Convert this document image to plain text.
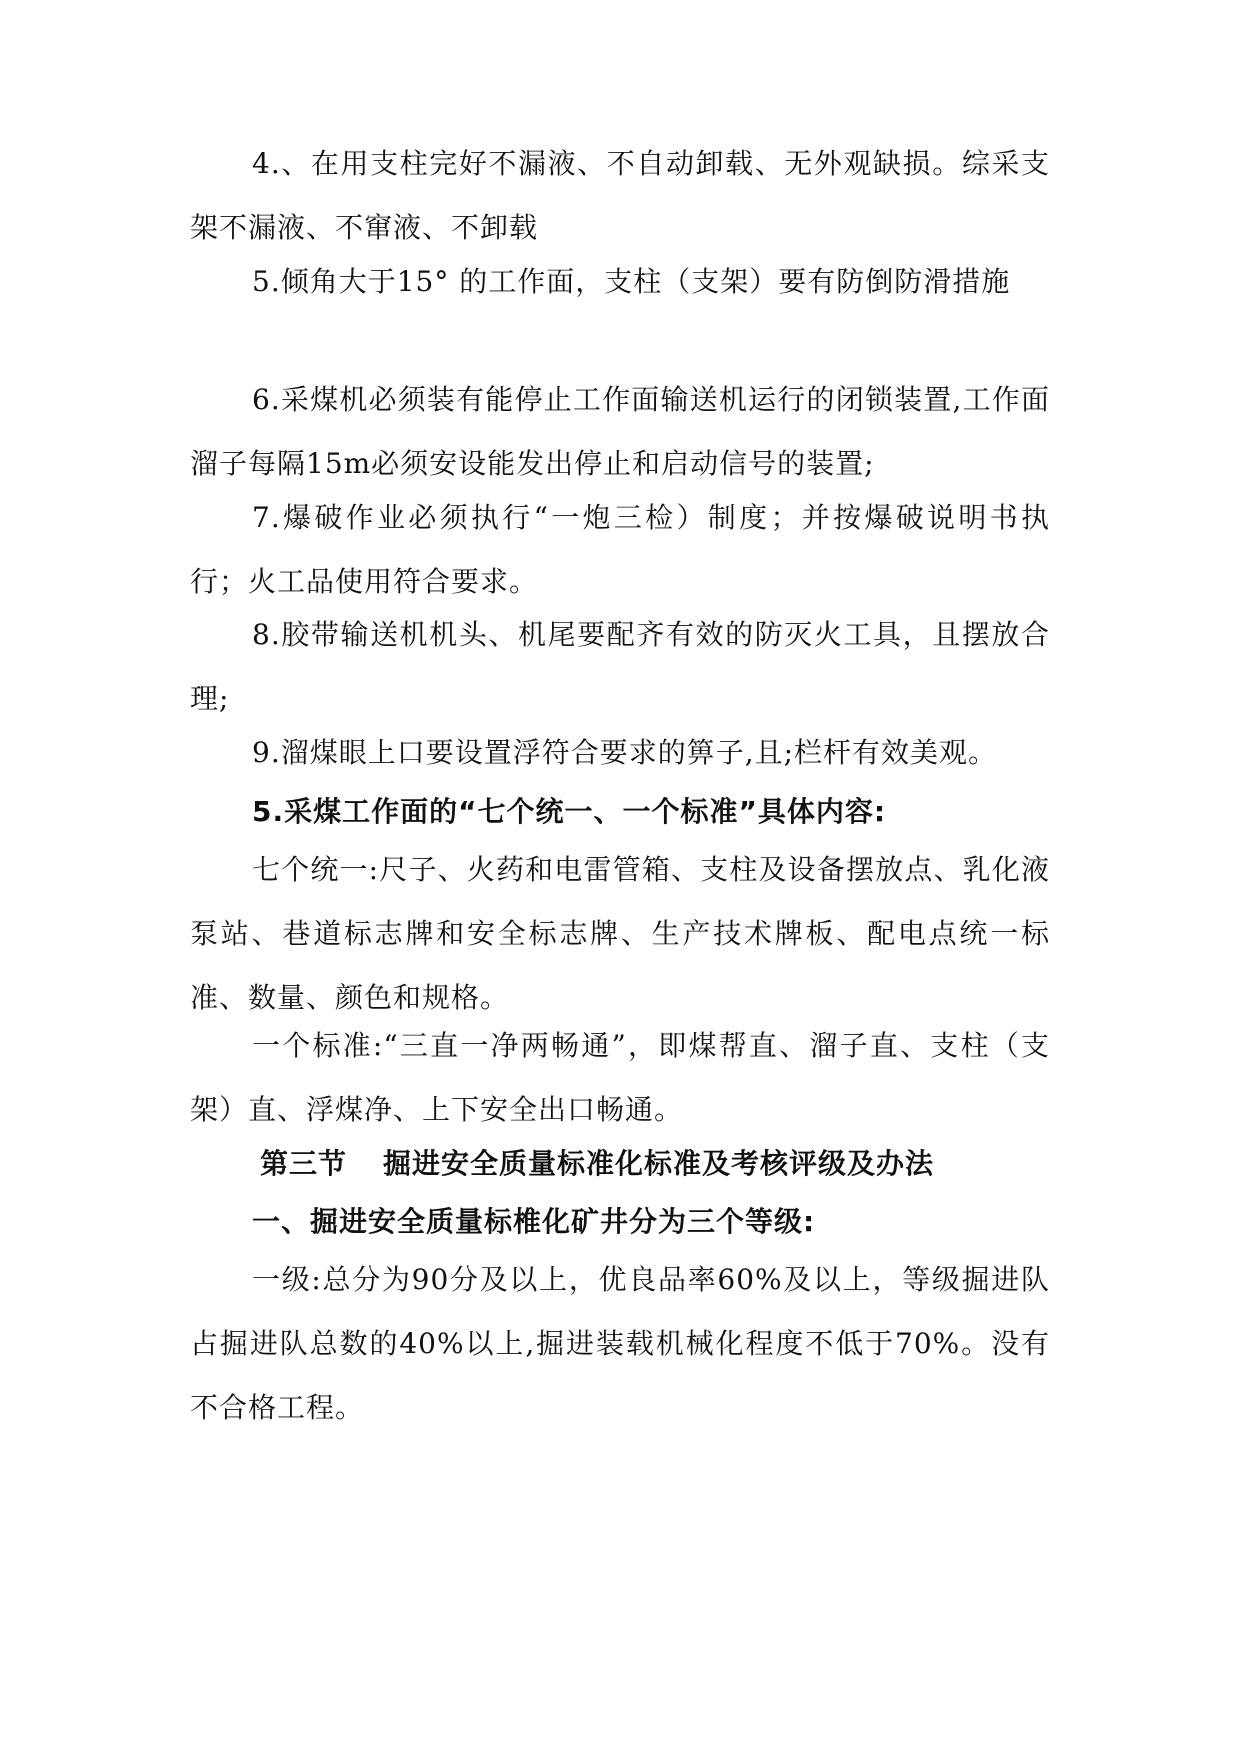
4.、在用支柱完好不漏液、不自动卸载、无外观缺损。综采支架不漏液、不窜液、不卸载

5.倾角大于15° 的工作面，支柱（支架）要有防倒防滑措施

6.采煤机必须装有能停止工作面输送机运行的闭锁装置,工作面溜子每隔15m必须安设能发出停止和启动信号的装置;

7.爆破作业必须执行“一炮三检）制度；并按爆破说明书执行；火工品使用符合要求。

8.胶带输送机机头、机尾要配齐有效的防灭火工具，且摆放合理;

9.溜煤眼上口要设置浮符合要求的箅子,且;栏杆有效美观。

5.采煤工作面的“七个统一、一个标准”具体内容:

七个统一:尺子、火药和电雷管箱、支柱及设备摆放点、乳化液泵站、巷道标志牌和安全标志牌、生产技术牌板、配电点统一标准、数量、颜色和规格。

一个标准:“三直一净两畅通”，即煤帮直、溜子直、支柱（支架）直、浮煤净、上下安全出口畅通。

第三节 掘进安全质量标准化标准及考核评级及办法

一、掘进安全质量标椎化矿井分为三个等级:

一级:总分为90分及以上，优良品率60%及以上，等级掘进队占掘进队总数的40%以上,掘进装载机械化程度不低于70%。没有不合格工程。
